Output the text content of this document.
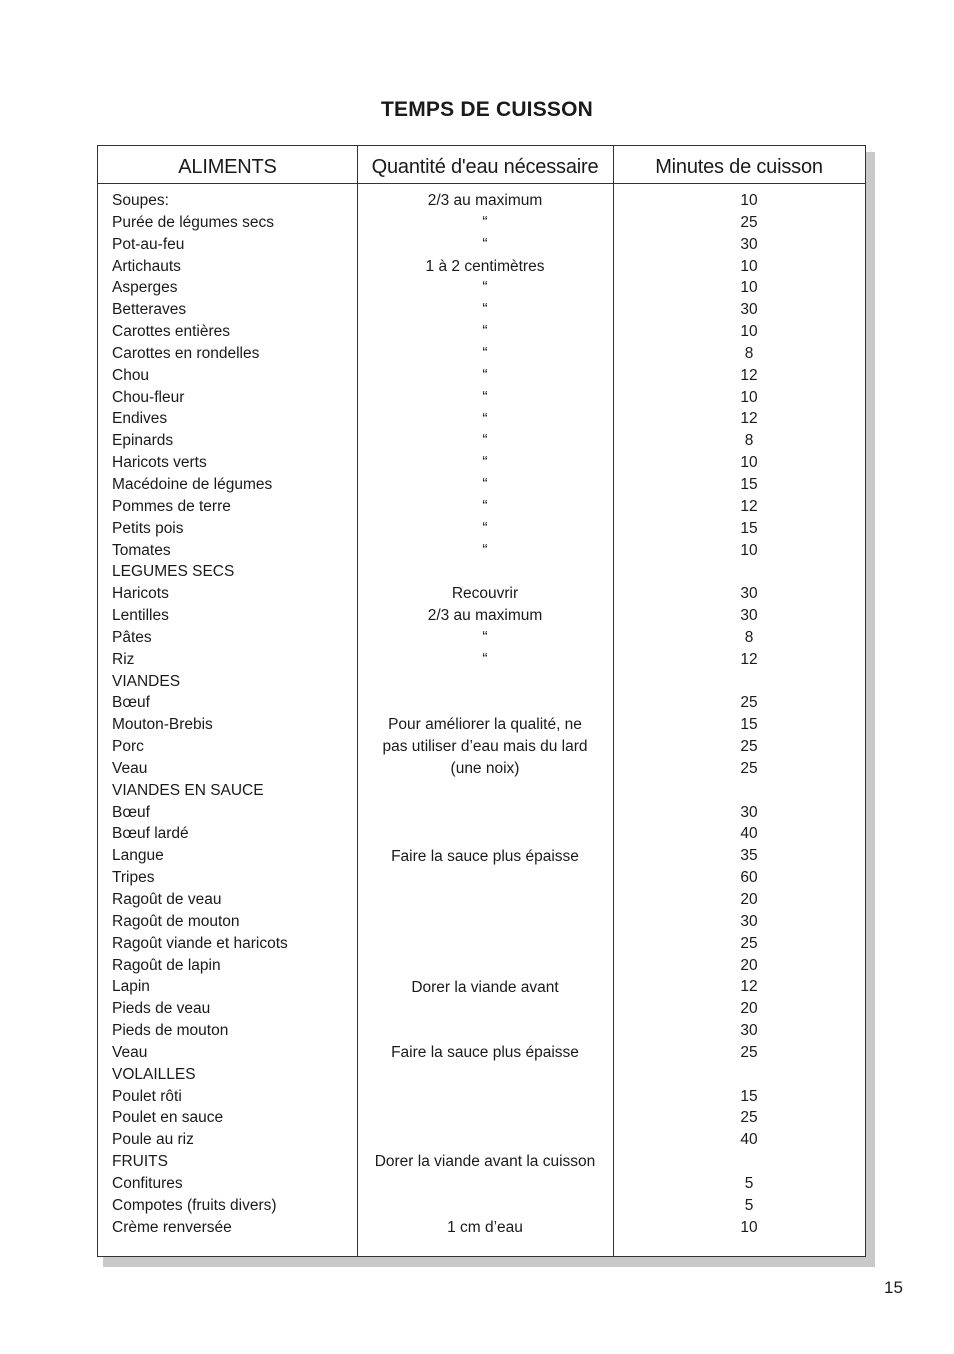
TEMPS DE CUISSON
ALIMENTS	Quantité d'eau nécessaire	Minutes de cuisson
Soupes:
Purée de légumes secs
Pot-au-feu
Artichauts
Asperges
Betteraves
Carottes entières
Carottes en rondelles
Chou
Chou-fleur
Endives
Epinards
Haricots verts
Macédoine de légumes
Pommes de terre
Petits pois
Tomates
LEGUMES SECS
Haricots
Lentilles
Pâtes
Riz
VIANDES
Bœuf
Mouton-Brebis
Porc
Veau
VIANDES EN SAUCE
Bœuf
Bœuf lardé
Langue
Tripes
Ragoût de veau
Ragoût de mouton
Ragoût viande et haricots
Ragoût de lapin
Lapin
Pieds de veau
Pieds de mouton
Veau
VOLAILLES
Poulet rôti
Poulet en sauce
Poule au riz
FRUITS
Confitures
Compotes (fruits divers)
Crème renversée
2/3 au maximum
“
“
1 à 2 centimètres
“
“
“
“
“
“
“
“
“
“
“
“
“
Recouvrir
2/3 au maximum
“
“
Pour améliorer la qualité, ne pas utiliser d’eau mais du lard (une noix)
Faire la sauce plus épaisse
Dorer la viande avant
Faire la sauce plus épaisse
Dorer la viande avant la cuisson
1 cm d’eau
10
25
30
10
10
30
10
8
12
10
12
8
10
15
12
15
10
30
30
8
12
25
15
25
25
30
40
35
60
20
30
25
20
12
20
30
25
15
25
40
5
5
10
15
